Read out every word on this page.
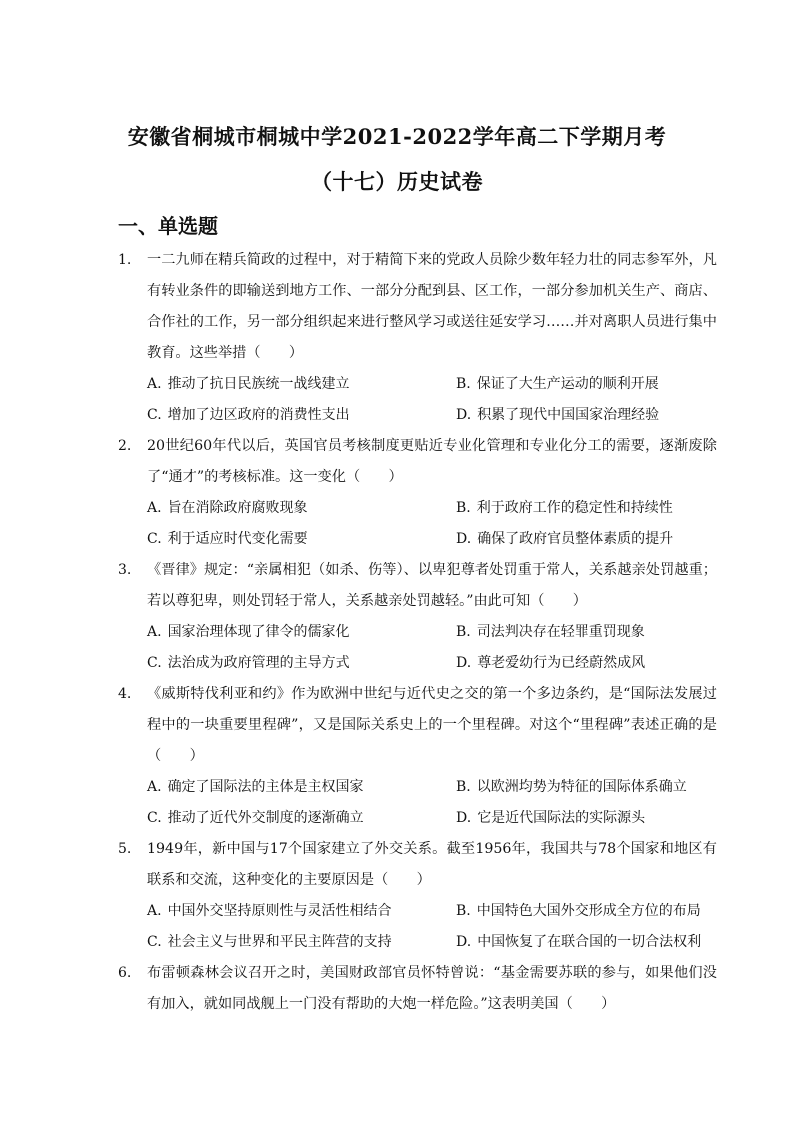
安徽省桐城市桐城中学2021-2022学年高二下学期月考
（十七）历史试卷
一、单选题
1. 一二九师在精兵简政的过程中，对于精简下来的党政人员除少数年轻力壮的同志参军外，凡有转业条件的即输送到地方工作、一部分分配到县、区工作，一部分参加机关生产、商店、合作社的工作，另一部分组织起来进行整风学习或送往延安学习……并对离职人员进行集中教育。这些举措（　　）
A. 推动了抗日民族统一战线建立	B. 保证了大生产运动的顺利开展
C. 增加了边区政府的消费性支出	D. 积累了现代中国国家治理经验
2. 20世纪60年代以后，英国官员考核制度更贴近专业化管理和专业化分工的需要，逐渐废除了“通才”的考核标准。这一变化（　　）
A. 旨在消除政府腐败现象	B. 利于政府工作的稳定性和持续性
C. 利于适应时代变化需要	D. 确保了政府官员整体素质的提升
3. 《晋律》规定：“亲属相犯（如杀、伤等）、以卑犯尊者处罚重于常人，关系越亲处罚越重；若以尊犯卑，则处罚轻于常人，关系越亲处罚越轻。”由此可知（　　）
A. 国家治理体现了律令的儒家化	B. 司法判决存在轻罪重罚现象
C. 法治成为政府管理的主导方式	D. 尊老爱幼行为已经蔚然成风
4. 《威斯特伐利亚和约》作为欧洲中世纪与近代史之交的第一个多边条约，是“国际法发展过程中的一块重要里程碑”，又是国际关系史上的一个里程碑。对这个“里程碑”表述正确的是（　　）
A. 确定了国际法的主体是主权国家	B. 以欧洲均势为特征的国际体系确立
C. 推动了近代外交制度的逐渐确立	D. 它是近代国际法的实际源头
5. 1949年，新中国与17个国家建立了外交关系。截至1956年，我国共与78个国家和地区有联系和交流，这种变化的主要原因是（　　）
A. 中国外交坚持原则性与灵活性相结合	B. 中国特色大国外交形成全方位的布局
C. 社会主义与世界和平民主阵营的支持	D. 中国恢复了在联合国的一切合法权利
6. 布雷顿森林会议召开之时，美国财政部官员怀特曾说：“基金需要苏联的参与，如果他们没有加入，就如同战舰上一门没有帮助的大炮一样危险。”这表明美国（　　）
